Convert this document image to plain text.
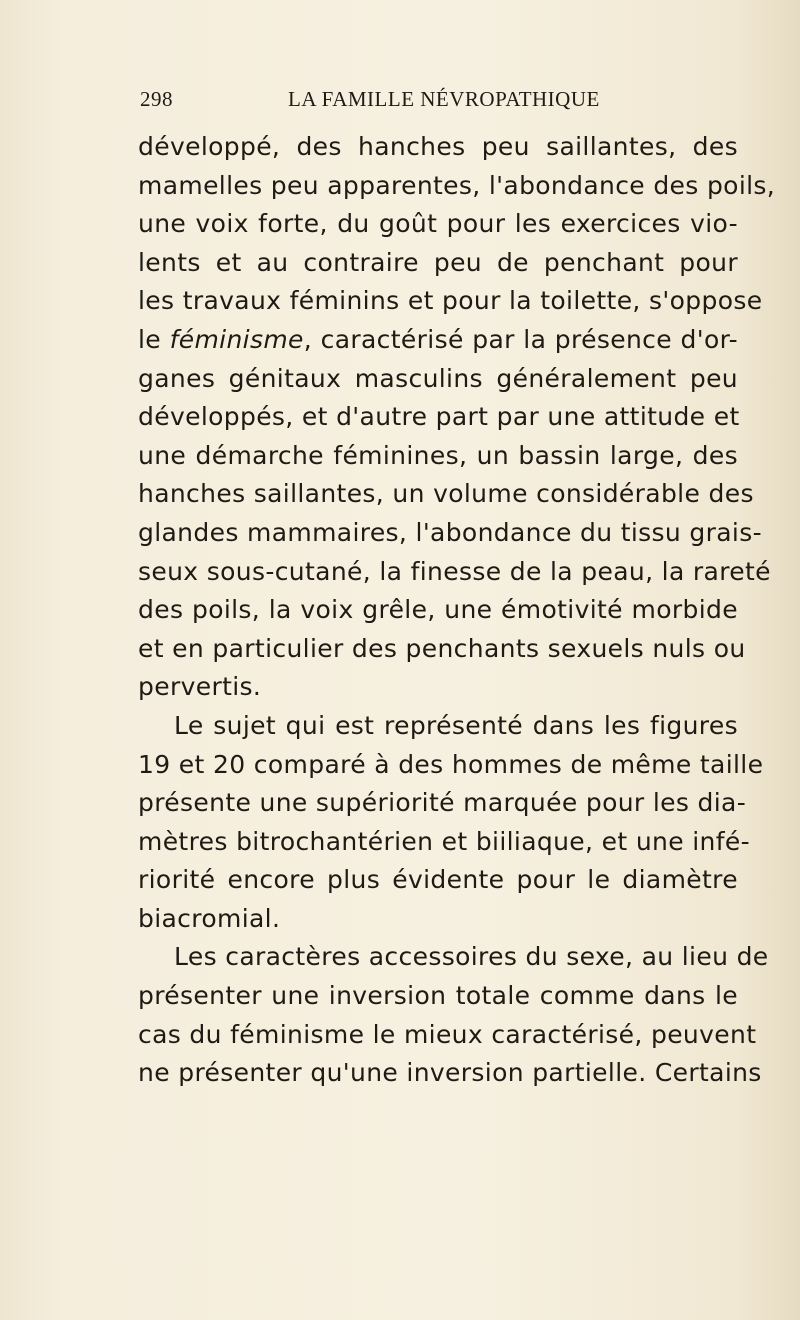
298	LA FAMILLE NÉVROPATHIQUE
développé, des hanches peu saillantes, des
mamelles peu apparentes, l'abondance des poils,
une voix forte, du goût pour les exercices vio-
lents et au contraire peu de penchant pour
les travaux féminins et pour la toilette, s'oppose
le féminisme, caractérisé par la présence d'or-
ganes génitaux masculins généralement peu
développés, et d'autre part par une attitude et
une démarche féminines, un bassin large, des
hanches saillantes, un volume considérable des
glandes mammaires, l'abondance du tissu grais-
seux sous-cutané, la finesse de la peau, la rareté
des poils, la voix grêle, une émotivité morbide
et en particulier des penchants sexuels nuls ou
pervertis.
Le sujet qui est représenté dans les figures
19 et 20 comparé à des hommes de même taille
présente une supériorité marquée pour les dia-
mètres bitrochantérien et biiliaque, et une infé-
riorité encore plus évidente pour le diamètre
biacromial.
Les caractères accessoires du sexe, au lieu de
présenter une inversion totale comme dans le
cas du féminisme le mieux caractérisé, peuvent
ne présenter qu'une inversion partielle. Certains
